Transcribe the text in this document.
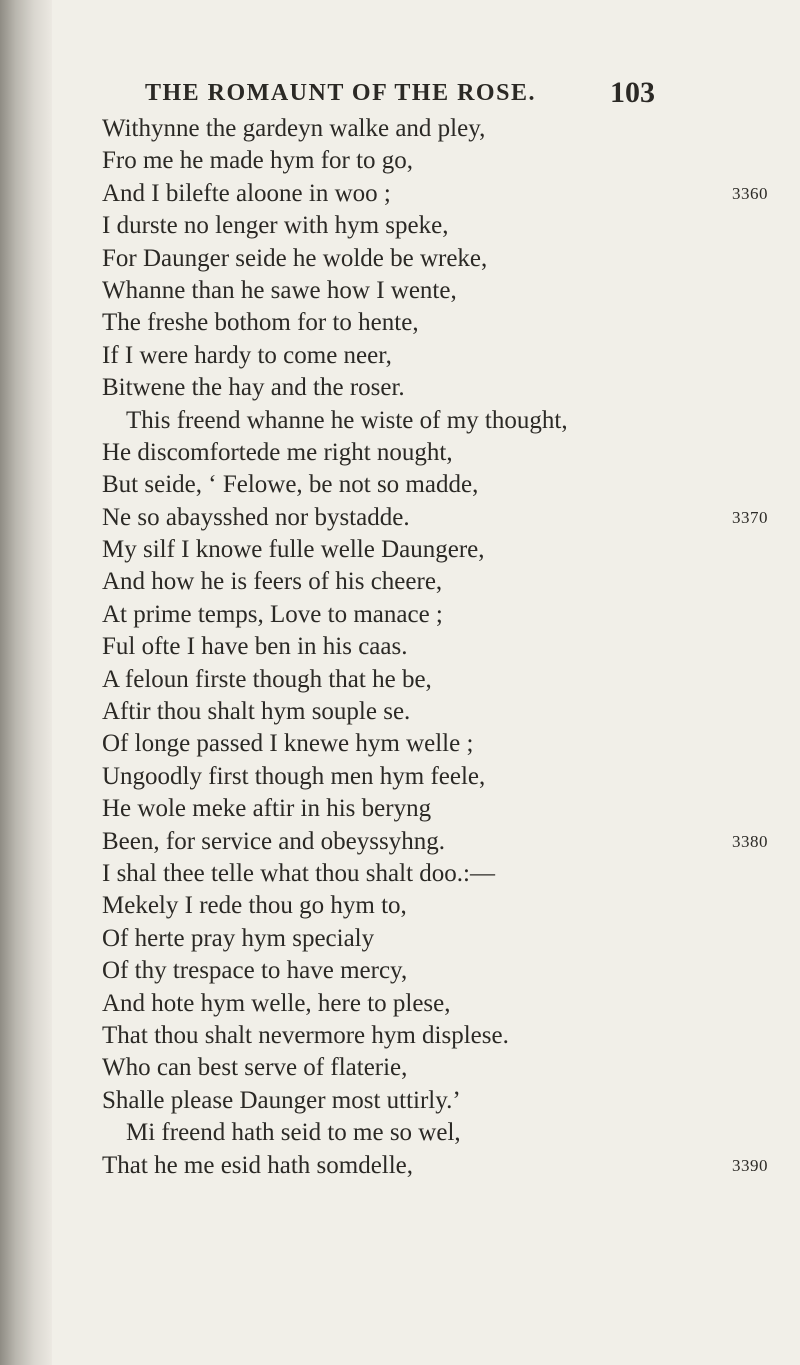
THE ROMAUNT OF THE ROSE. 103
Withynne the gardeyn walke and pley,
Fro me he made hym for to go,
And I bilefte aloone in woo ;	3360
I durste no lenger with hym speke,
For Daunger seide he wolde be wreke,
Whanne than he sawe how I wente,
The freshe bothom for to hente,
If I were hardy to come neer,
Bitwene the hay and the roser.
This freend whanne he wiste of my thought,
He discomfortede me right nought,
But seide, ‘ Felowe, be not so madde,
Ne so abaysshed nor bystadde.	3370
My silf I knowe fulle welle Daungere,
And how he is feers of his cheere,
At prime temps, Love to manace ;
Ful ofte I have ben in his caas.
A feloun firste though that he be,
Aftir thou shalt hym souple se.
Of longe passed I knewe hym welle ;
Ungoodly first though men hym feele,
He wole meke aftir in his beryng
Been, for service and obeyssyhng.	3380
I shal thee telle what thou shalt doo.:—
Mekely I rede thou go hym to,
Of herte pray hym specialy
Of thy trespace to have mercy,
And hote hym welle, here to plese,
That thou shalt nevermore hym displese.
Who can best serve of flaterie,
Shalle please Daunger most uttirly.’
Mi freend hath seid to me so wel,
That he me esid hath somdelle,	3390
